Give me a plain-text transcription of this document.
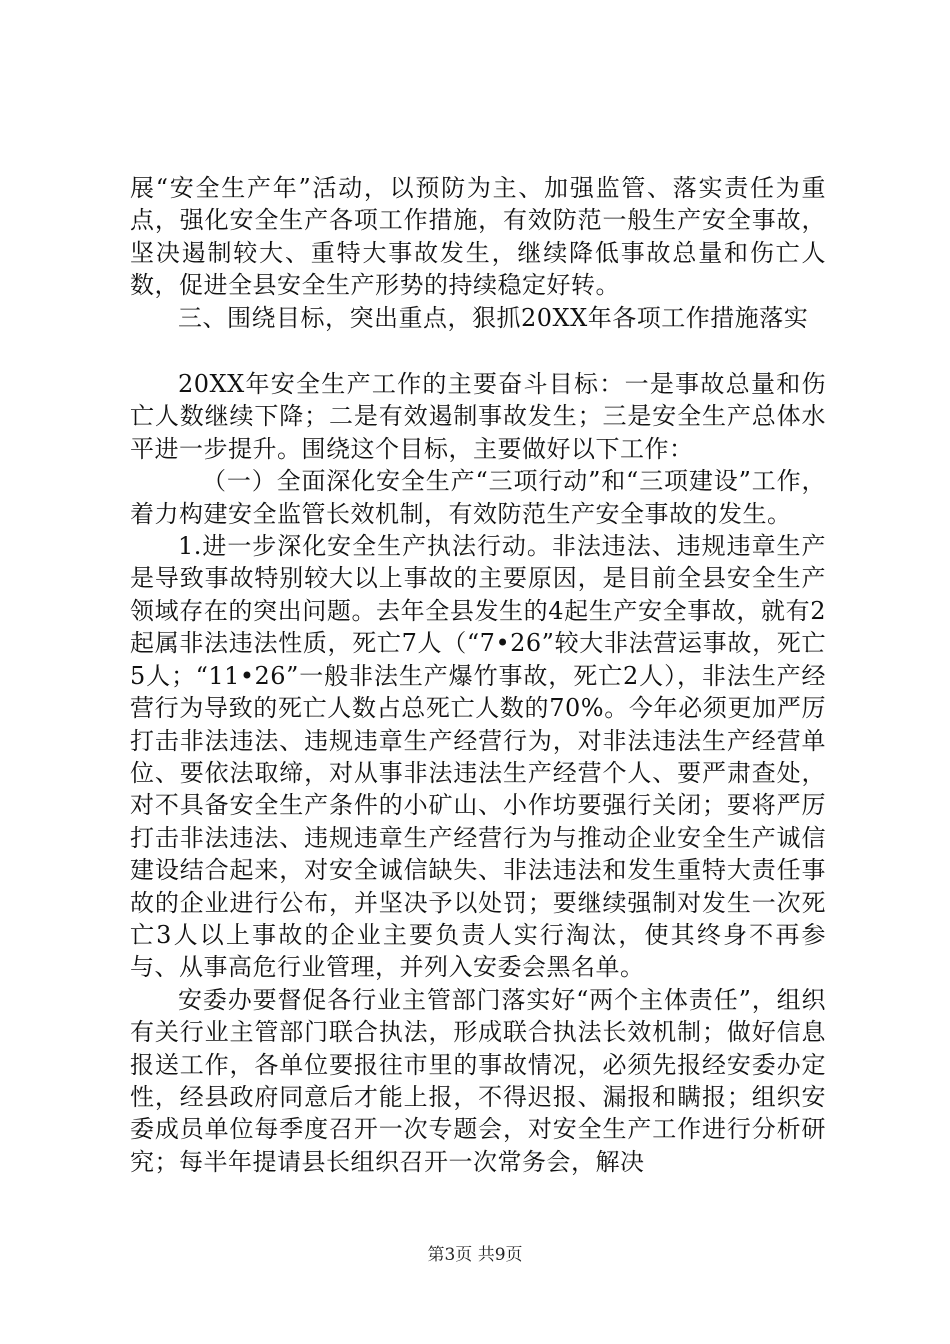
展“安全生产年”活动，以预防为主、加强监管、落实责任为重点，强化安全生产各项工作措施，有效防范一般生产安全事故，坚决遏制较大、重特大事故发生，继续降低事故总量和伤亡人数，促进全县安全生产形势的持续稳定好转。

三、围绕目标，突出重点，狠抓20XX年各项工作措施落实

20XX年安全生产工作的主要奋斗目标：一是事故总量和伤亡人数继续下降；二是有效遏制事故发生；三是安全生产总体水平进一步提升。围绕这个目标，主要做好以下工作：

（一）全面深化安全生产“三项行动”和“三项建设”工作，着力构建安全监管长效机制，有效防范生产安全事故的发生。

1.进一步深化安全生产执法行动。非法违法、违规违章生产是导致事故特别较大以上事故的主要原因，是目前全县安全生产领域存在的突出问题。去年全县发生的4起生产安全事故，就有2起属非法违法性质，死亡7人（“7•26”较大非法营运事故，死亡5人；“11•26”一般非法生产爆竹事故，死亡2人），非法生产经营行为导致的死亡人数占总死亡人数的70%。今年必须更加严厉打击非法违法、违规违章生产经营行为，对非法违法生产经营单位、要依法取缔，对从事非法违法生产经营个人、要严肃查处，对不具备安全生产条件的小矿山、小作坊要强行关闭；要将严厉打击非法违法、违规违章生产经营行为与推动企业安全生产诚信建设结合起来，对安全诚信缺失、非法违法和发生重特大责任事故的企业进行公布，并坚决予以处罚；要继续强制对发生一次死亡3人以上事故的企业主要负责人实行淘汰，使其终身不再参与、从事高危行业管理，并列入安委会黑名单。

安委办要督促各行业主管部门落实好“两个主体责任”，组织有关行业主管部门联合执法，形成联合执法长效机制；做好信息报送工作，各单位要报往市里的事故情况，必须先报经安委办定性，经县政府同意后才能上报，不得迟报、漏报和瞒报；组织安委成员单位每季度召开一次专题会，对安全生产工作进行分析研究；每半年提请县长组织召开一次常务会，解决

第3页 共9页
